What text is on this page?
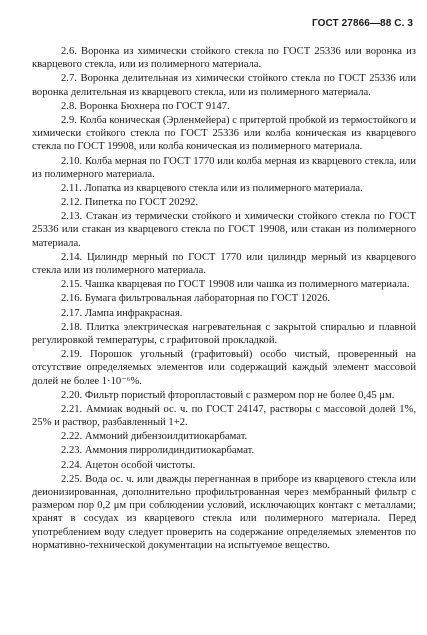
ГОСТ 27866—88 С. 3

2.6. Воронка из химически стойкого стекла по ГОСТ 25336 или воронка из кварцевого стекла, или из полимерного материала.

2.7. Воронка делительная из химически стойкого стекла по ГОСТ 25336 или воронка делительная из кварцевого стекла, или из полимерного материала.

2.8. Воронка Бюхнера по ГОСТ 9147.

2.9. Колба коническая (Эрленмейера) с притертой пробкой из термостойкого и химически стойкого стекла по ГОСТ 25336 или колба коническая из кварцевого стекла по ГОСТ 19908, или колба коническая из полимерного материала.

2.10. Колба мерная по ГОСТ 1770 или колба мерная из кварцевого стекла, или из полимерного материала.

2.11. Лопатка из кварцевого стекла или из полимерного материала.

2.12. Пипетка по ГОСТ 20292.

2.13. Стакан из термически стойкого и химически стойкого стекла по ГОСТ 25336 или стакан из кварцевого стекла по ГОСТ 19908, или стакан из полимерного материала.

2.14. Цилиндр мерный по ГОСТ 1770 или цилиндр мерный из кварцевого стекла или из полимерного материала.

2.15. Чашка кварцевая по ГОСТ 19908 или чашка из полимерного материала.

2.16. Бумага фильтровальная лабораторная по ГОСТ 12026.

2.17. Лампа инфракрасная.

2.18. Плитка электрическая нагревательная с закрытой спиралью и плавной регулировкой температуры, с графитовой прокладкой.

2.19. Порошок угольный (графитовый) особо чистый, проверенный на отсутствие определяемых элементов или содержащий каждый элемент массовой долей не более 1·10⁻⁶%.

2.20. Фильтр пористый фторопластовый с размером пор не более 0,45 μм.

2.21. Аммиак водный ос. ч. по ГОСТ 24147, растворы с массовой долей 1%, 25% и раствор, разбавленный 1+2.

2.22. Аммоний дибензоилдитиокарбамат.

2.23. Аммония пирролидиндитиокарбамат.

2.24. Ацетон особой чистоты.

2.25. Вода ос. ч. или дважды перегнанная в приборе из кварцевого стекла или деионизированная, дополнительно профильтрованная через мембранный фильтр с размером пор 0,2 μм при соблюдении условий, исключающих контакт с металлами; хранят в сосудах из кварцевого стекла или полимерного материала. Перед употреблением воду следует проверить на содержание определяемых элементов по нормативно-технической документации на испытуемое вещество.
